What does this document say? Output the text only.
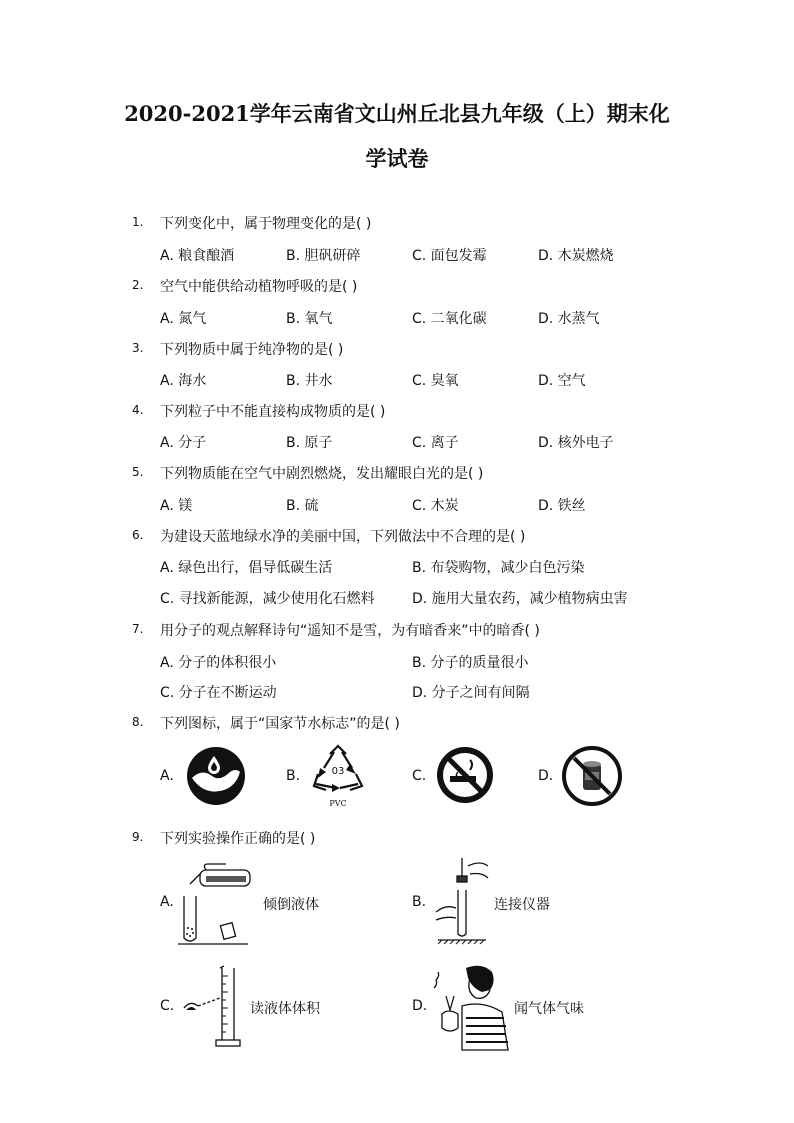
2020-2021学年云南省文山州丘北县九年级（上）期末化
学试卷
1. 下列变化中，属于物理变化的是( )
A. 粮食酿酒	B. 胆矾研碎	C. 面包发霉	D. 木炭燃烧
2. 空气中能供给动植物呼吸的是( )
A. 氮气	B. 氧气	C. 二氧化碳	D. 水蒸气
3. 下列物质中属于纯净物的是( )
A. 海水	B. 井水	C. 臭氧	D. 空气
4. 下列粒子中不能直接构成物质的是( )
A. 分子	B. 原子	C. 离子	D. 核外电子
5. 下列物质能在空气中剧烈燃烧，发出耀眼白光的是( )
A. 镁	B. 硫	C. 木炭	D. 铁丝
6. 为建设天蓝地绿水净的美丽中国，下列做法中不合理的是( )
A. 绿色出行，倡导低碳生活	B. 布袋购物，减少白色污染
C. 寻找新能源，减少使用化石燃料	D. 施用大量农药，减少植物病虫害
7. 用分子的观点解释诗句“遥知不是雪，为有暗香来”中的暗香( )
A. 分子的体积很小	B. 分子的质量很小
C. 分子在不断运动	D. 分子之间有间隔
8. 下列图标，属于“国家节水标志”的是( )
A.	B.	03
PVC
C.	D.
9. 下列实验操作正确的是( )
A.	倾倒液体	B.	连接仪器
C.	读液体体积	D.	闻气体气味
